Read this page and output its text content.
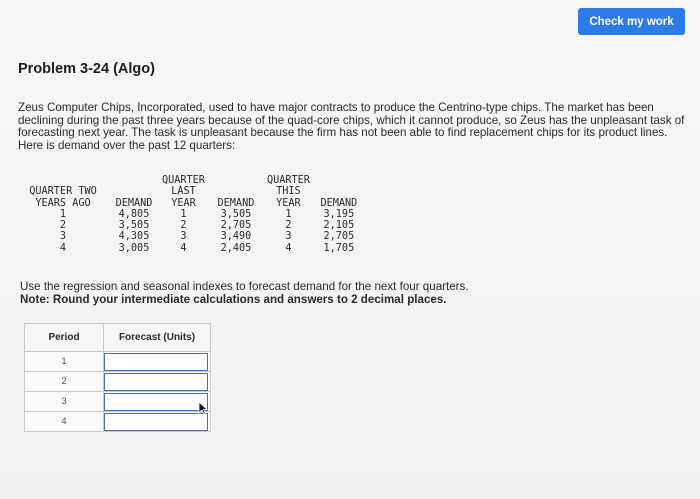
Check my work
Problem 3-24 (Algo)
Zeus Computer Chips, Incorporated, used to have major contracts to produce the Centrino-type chips. The market has been declining during the past three years because of the quad-core chips, which it cannot produce, so Zeus has the unpleasant task of forecasting next year. The task is unpleasant because the firm has not been able to find replacement chips for its product lines. Here is demand over the past 12 quarters:
QUARTER TWO
YEARS AGO	DEMAND	QUARTER
LAST
YEAR	DEMAND	QUARTER
THIS
YEAR	DEMAND
1	4,805	1	3,505	1	3,195
2	3,505	2	2,705	2	2,105
3	4,305	3	3,490	3	2,705
4	3,005	4	2,405	4	1,705
Use the regression and seasonal indexes to forecast demand for the next four quarters.
Note: Round your intermediate calculations and answers to 2 decimal places.
Period	Forecast (Units)
1	

2	

3	

4	
